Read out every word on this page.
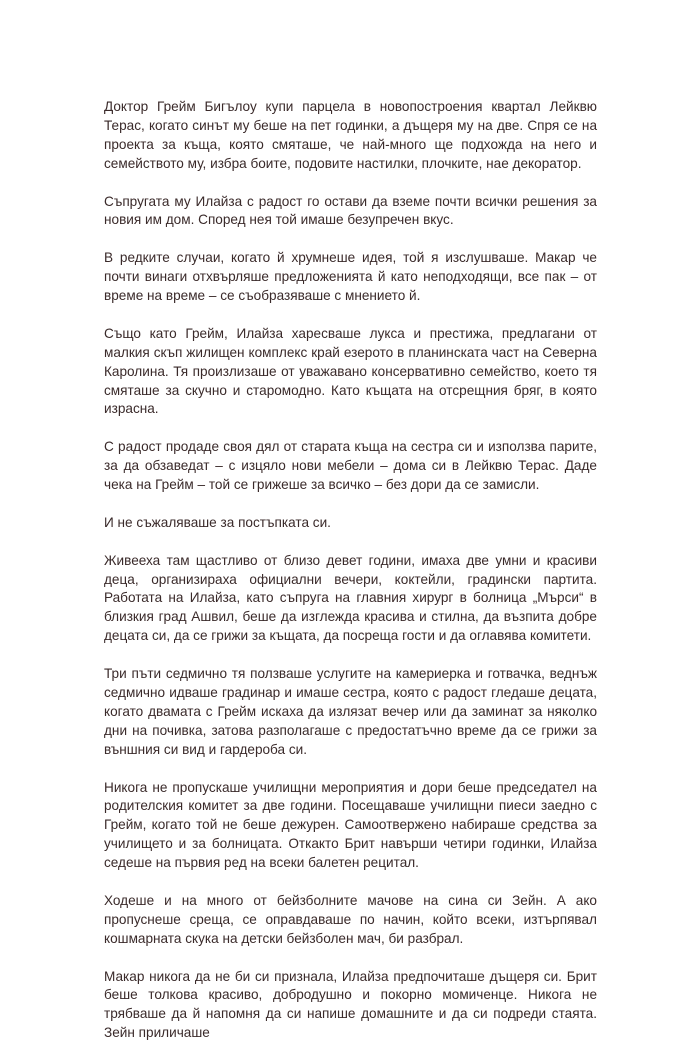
Доктор Грейм Бигълоу купи парцела в новопостроения квартал Лейквю Терас, когато синът му беше на пет годинки, а дъщеря му на две. Спря се на проекта за къща, която смяташе, че най-много ще подхожда на него и семейството му, избра боите, подовите настилки, плочките, нае декоратор.

Съпругата му Илайза с радост го остави да вземе почти всички решения за новия им дом. Според нея той имаше безупречен вкус.

В редките случаи, когато й хрумнеше идея, той я изслушваше. Макар че почти винаги отхвърляше предложенията й като неподходящи, все пак – от време на време – се съобразяваше с мнението й.

Също като Грейм, Илайза харесваше лукса и престижа, предлагани от малкия скъп жилищен комплекс край езерото в планинската част на Северна Каролина. Тя произлизаше от уважавано консервативно семейство, което тя смяташе за скучно и старомодно. Като къщата на отсрещния бряг, в която израсна.

С радост продаде своя дял от старата къща на сестра си и използва парите, за да обзаведат – с изцяло нови мебели – дома си в Лейквю Терас. Даде чека на Грейм – той се грижеше за всичко – без дори да се замисли.

И не съжаляваше за постъпката си.

Живееха там щастливо от близо девет години, имаха две умни и красиви деца, организираха официални вечери, коктейли, градински партита. Работата на Илайза, като съпруга на главния хирург в болница „Мърси“ в близкия град Ашвил, беше да изглежда красива и стилна, да възпита добре децата си, да се грижи за къщата, да посреща гости и да оглавява комитети.

Три пъти седмично тя ползваше услугите на камериерка и готвачка, веднъж седмично идваше градинар и имаше сестра, която с радост гледаше децата, когато двамата с Грейм искаха да излязат вечер или да заминат за няколко дни на почивка, затова разполагаше с предостатъчно време да се грижи за външния си вид и гардероба си.

Никога не пропускаше училищни мероприятия и дори беше председател на родителския комитет за две години. Посещаваше училищни пиеси заедно с Грейм, когато той не беше дежурен. Самоотвержено набираше средства за училището и за болницата. Откакто Брит навърши четири годинки, Илайза седеше на първия ред на всеки балетен рецитал.

Ходеше и на много от бейзболните мачове на сина си Зейн. А ако пропуснеше среща, се оправдаваше по начин, който всеки, изтърпявал кошмарната скука на детски бейзболен мач, би разбрал.

Макар никога да не би си признала, Илайза предпочиташе дъщеря си. Брит беше толкова красиво, добродушно и покорно момиченце. Никога не трябваше да й напомня да си напише домашните и да си подреди стаята. Зейн приличаше
